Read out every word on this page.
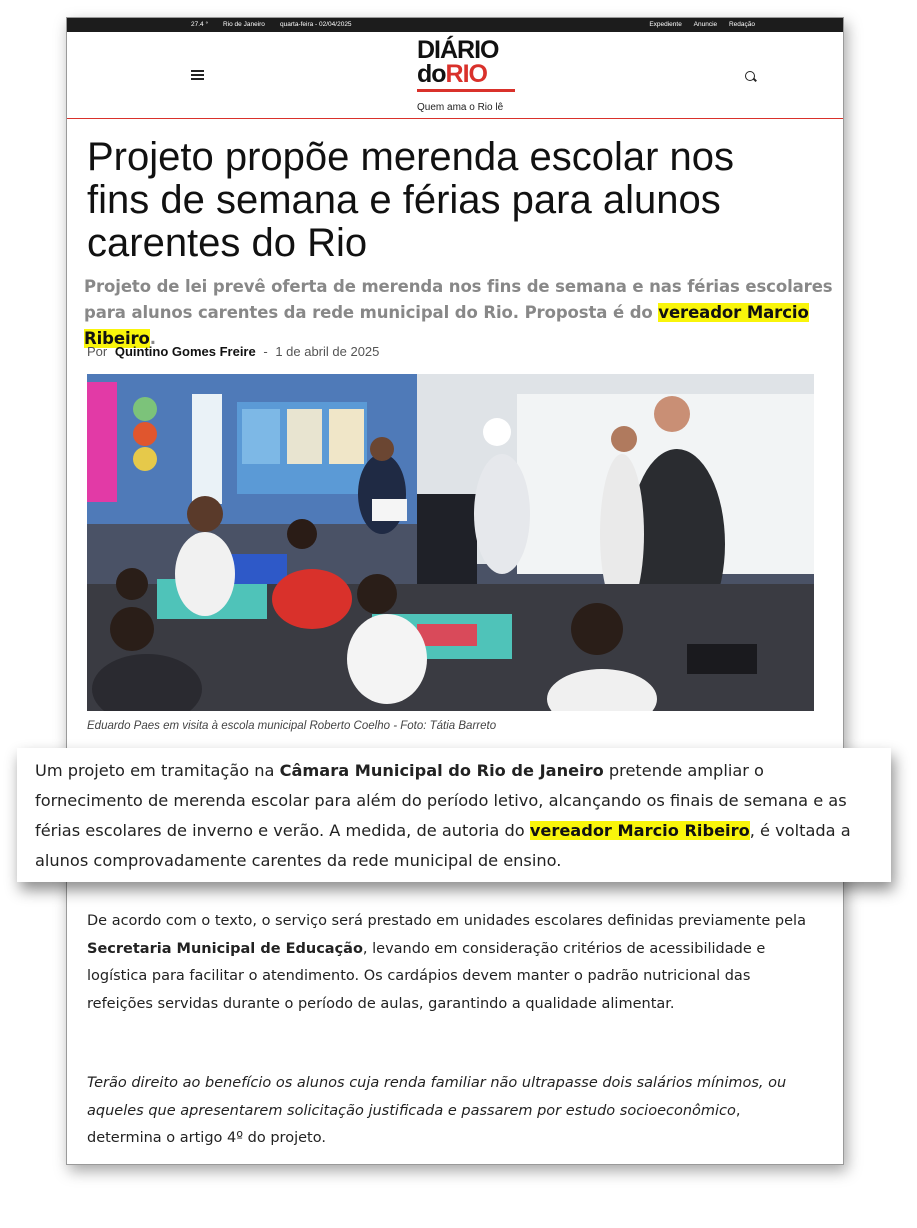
27.4 ° Rio de Janeiro quarta-feira - 02/04/2025	Expediente Anuncie Redação
DIÁRIO
doRIO
Quem ama o Rio lê
Projeto propõe merenda escolar nos fins de semana e férias para alunos carentes do Rio
Projeto de lei prevê oferta de merenda nos fins de semana e nas férias escolares para alunos carentes da rede municipal do Rio. Proposta é do vereador Marcio Ribeiro.
Por Quintino Gomes Freire - 1 de abril de 2025
Eduardo Paes em visita à escola municipal Roberto Coelho - Foto: Tátia Barreto
De acordo com o texto, o serviço será prestado em unidades escolares definidas previamente pela Secretaria Municipal de Educação, levando em consideração critérios de acessibilidade e logística para facilitar o atendimento. Os cardápios devem manter o padrão nutricional das refeições servidas durante o período de aulas, garantindo a qualidade alimentar.
Terão direito ao benefício os alunos cuja renda familiar não ultrapasse dois salários mínimos, ou aqueles que apresentarem solicitação justificada e passarem por estudo socioeconômico, determina o artigo 4º do projeto.

Um projeto em tramitação na Câmara Municipal do Rio de Janeiro pretende ampliar o fornecimento de merenda escolar para além do período letivo, alcançando os finais de semana e as férias escolares de inverno e verão. A medida, de autoria do vereador Marcio Ribeiro, é voltada a alunos comprovadamente carentes da rede municipal de ensino.
